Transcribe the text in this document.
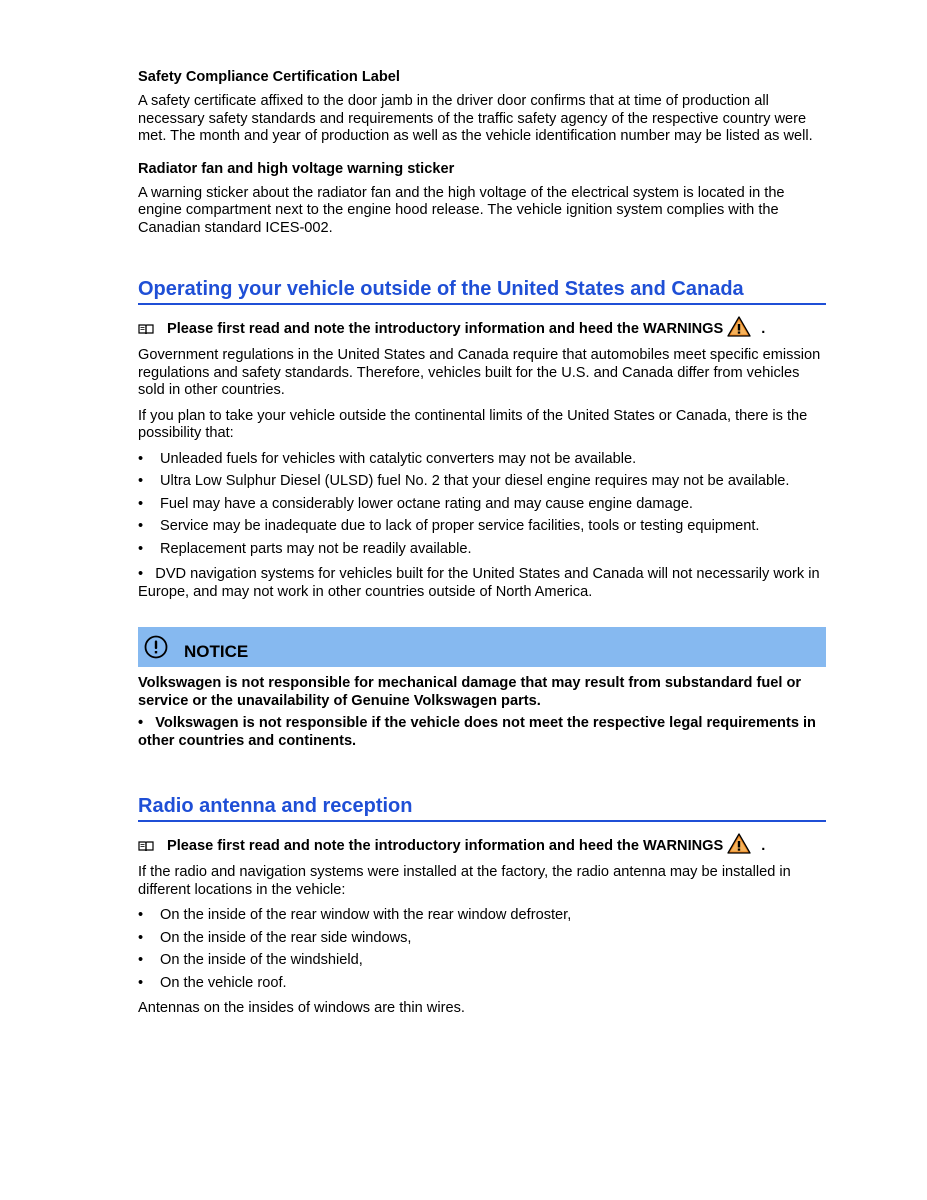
Safety Compliance Certification Label

A safety certificate affixed to the door jamb in the driver door confirms that at time of production all necessary safety standards and requirements of the traffic safety agency of the respective country were met. The month and year of production as well as the vehicle identification number may be listed as well.

Radiator fan and high voltage warning sticker

A warning sticker about the radiator fan and the high voltage of the electrical system is located in the engine compartment next to the engine hood release. The vehicle ignition system complies with the Canadian standard ICES-002.

Operating your vehicle outside of the United States and Canada
Please first read and note the introductory information and heed the WARNINGS	.

Government regulations in the United States and Canada require that automobiles meet specific emission regulations and safety standards. Therefore, vehicles built for the U.S. and Canada differ from vehicles sold in other countries.

If you plan to take your vehicle outside the continental limits of the United States or Canada, there is the possibility that:

• Unleaded fuels for vehicles with catalytic converters may not be available.
• Ultra Low Sulphur Diesel (ULSD) fuel No. 2 that your diesel engine requires may not be available.
• Fuel may have a considerably lower octane rating and may cause engine damage.
• Service may be inadequate due to lack of proper service facilities, tools or testing equipment.
• Replacement parts may not be readily available.

• DVD navigation systems for vehicles built for the United States and Canada will not necessarily work in Europe, and may not work in other countries outside of North America.

NOTICE

Volkswagen is not responsible for mechanical damage that may result from substandard fuel or service or the unavailability of Genuine Volkswagen parts.

• Volkswagen is not responsible if the vehicle does not meet the respective legal requirements in other countries and continents.

Radio antenna and reception
Please first read and note the introductory information and heed the WARNINGS	.

If the radio and navigation systems were installed at the factory, the radio antenna may be installed in different locations in the vehicle:

• On the inside of the rear window with the rear window defroster,
• On the inside of the rear side windows,
• On the inside of the windshield,
• On the vehicle roof.

Antennas on the insides of windows are thin wires.
